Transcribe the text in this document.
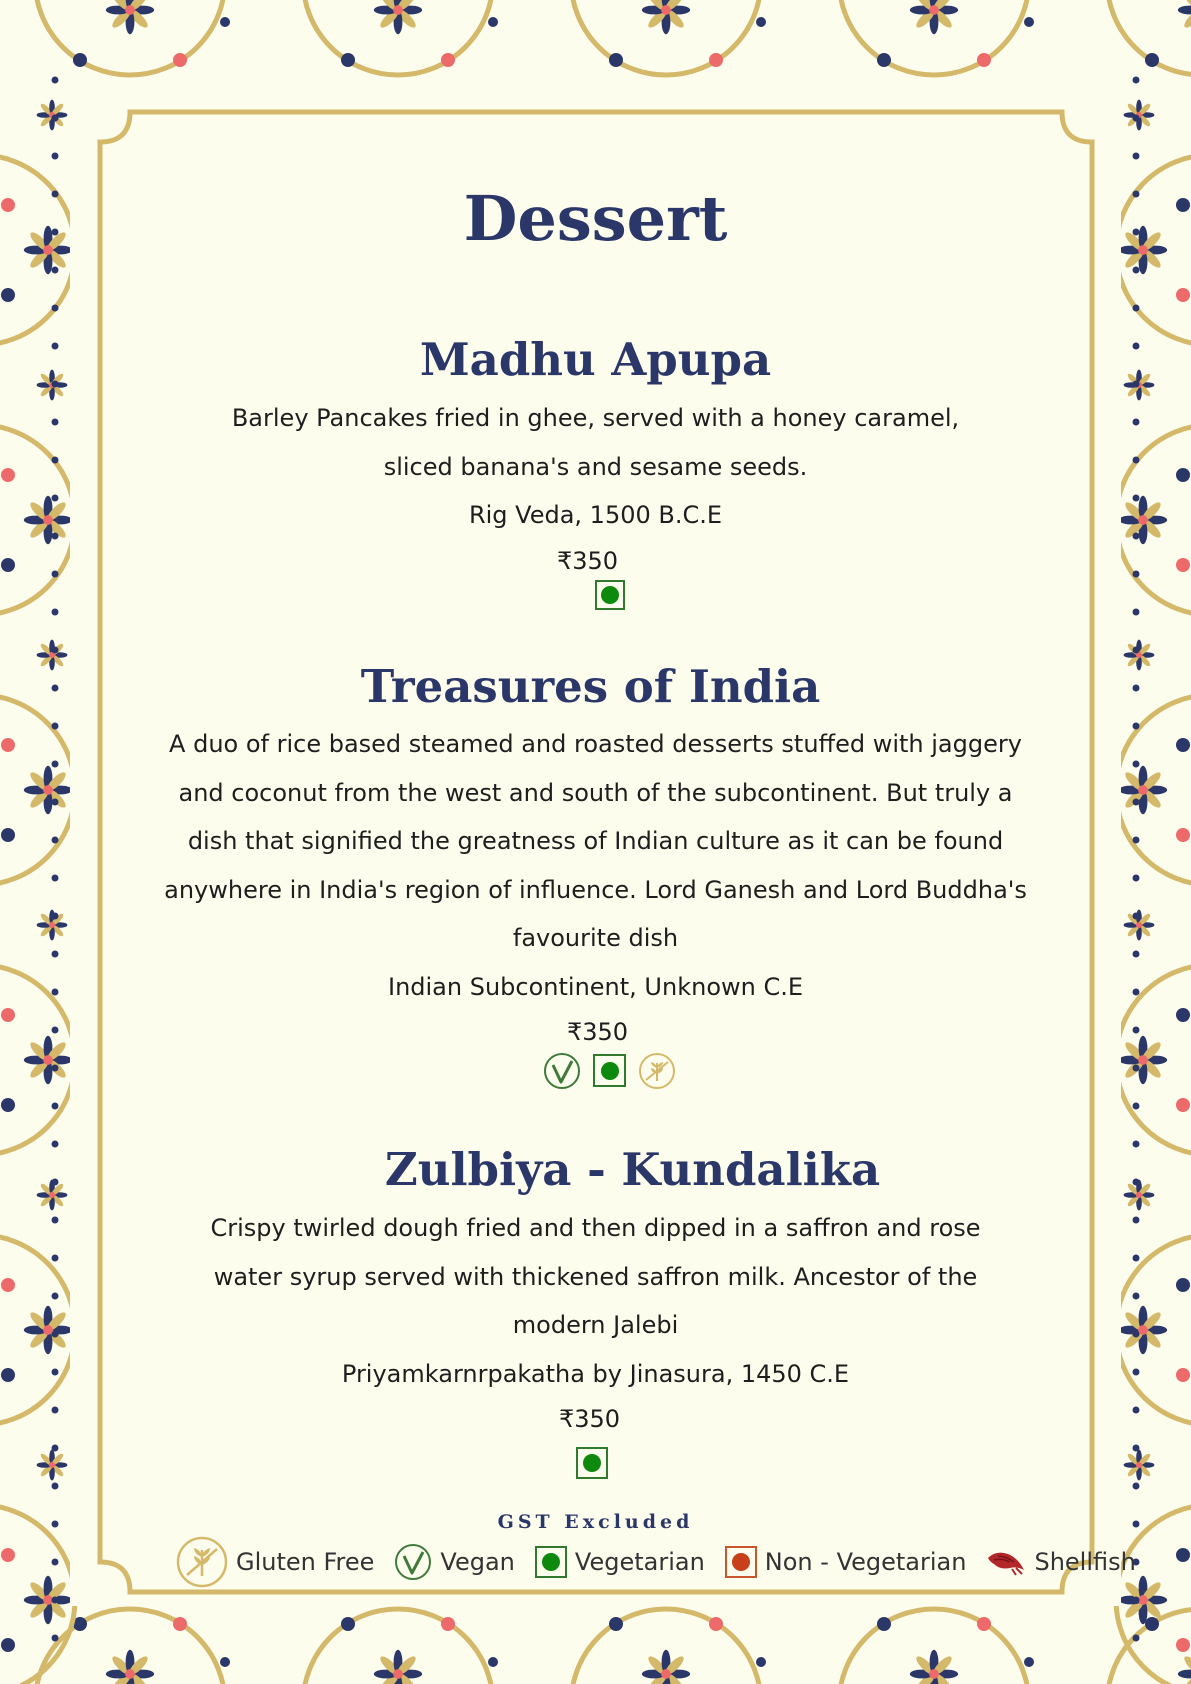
Dessert
Madhu Apupa
Barley Pancakes fried in ghee, served with a honey caramel,
sliced banana's and sesame seeds.
Rig Veda, 1500 B.C.E
₹350
Treasures of India
A duo of rice based steamed and roasted desserts stuffed with jaggery
and coconut from the west and south of the subcontinent. But truly a
dish that signified the greatness of Indian culture as it can be found
anywhere in India's region of influence. Lord Ganesh and Lord Buddha's
favourite dish
Indian Subcontinent, Unknown C.E
₹350
Zulbiya - Kundalika
Crispy twirled dough fried and then dipped in a saffron and rose
water syrup served with thickened saffron milk. Ancestor of the
modern Jalebi
Priyamkarnrpakatha by Jinasura, 1450 C.E
₹350
GST Excluded
Gluten Free	Vegan	Vegetarian	Non - Vegetarian	Shellfish
